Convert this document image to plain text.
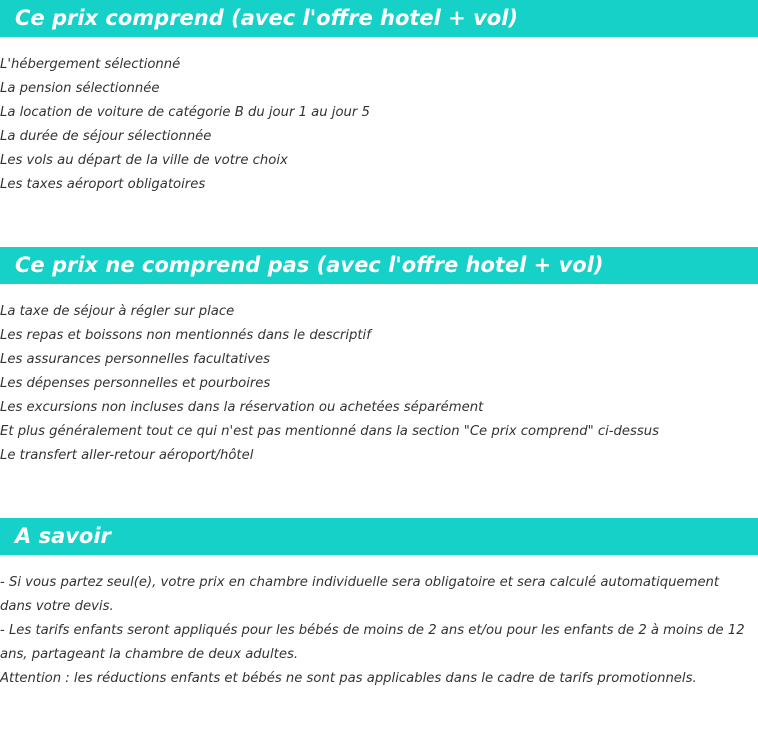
Ce prix comprend (avec l'offre hotel + vol)
L'hébergement sélectionné
La pension sélectionnée
La location de voiture de catégorie B du jour 1 au jour 5
La durée de séjour sélectionnée
Les vols au départ de la ville de votre choix
Les taxes aéroport obligatoires
Ce prix ne comprend pas (avec l'offre hotel + vol)
La taxe de séjour à régler sur place
Les repas et boissons non mentionnés dans le descriptif
Les assurances personnelles facultatives
Les dépenses personnelles et pourboires
Les excursions non incluses dans la réservation ou achetées séparément
Et plus généralement tout ce qui n'est pas mentionné dans la section "Ce prix comprend" ci-dessus
Le transfert aller-retour aéroport/hôtel
A savoir

- Si vous partez seul(e), votre prix en chambre individuelle sera obligatoire et sera calculé automatiquement dans votre devis.

- Les tarifs enfants seront appliqués pour les bébés de moins de 2 ans et/ou pour les enfants de 2 à moins de 12 ans, partageant la chambre de deux adultes.

Attention : les réductions enfants et bébés ne sont pas applicables dans le cadre de tarifs promotionnels.
